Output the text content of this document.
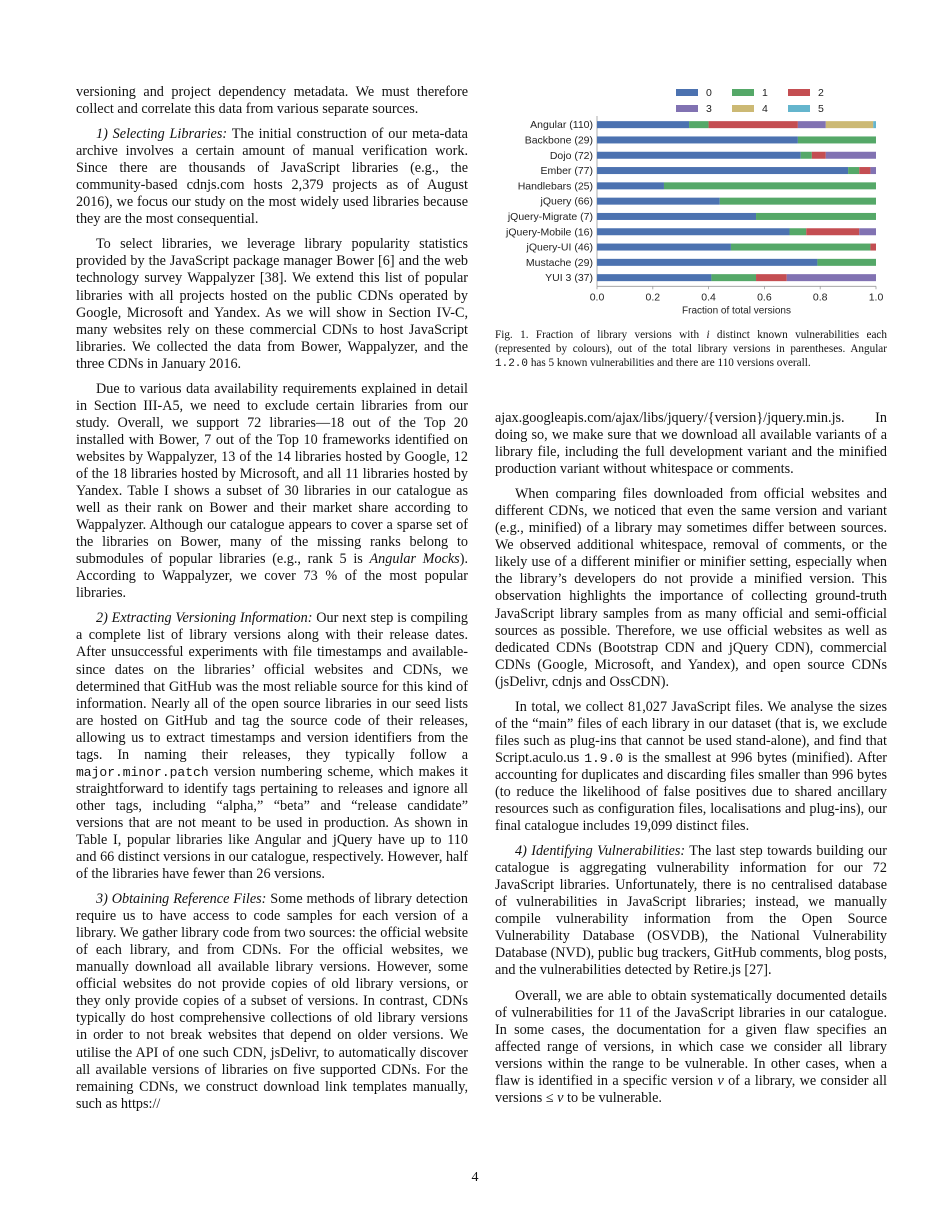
versioning and project dependency metadata. We must therefore collect and correlate this data from various separate sources.

1) Selecting Libraries: The initial construction of our meta-data archive involves a certain amount of manual verification work. Since there are thousands of JavaScript libraries (e.g., the community-based cdnjs.com hosts 2,379 projects as of August 2016), we focus our study on the most widely used libraries because they are the most consequential.

To select libraries, we leverage library popularity statistics provided by the JavaScript package manager Bower [6] and the web technology survey Wappalyzer [38]. We extend this list of popular libraries with all projects hosted on the public CDNs operated by Google, Microsoft and Yandex. As we will show in Section IV-C, many websites rely on these commercial CDNs to host JavaScript libraries. We collected the data from Bower, Wappalyzer, and the three CDNs in January 2016.

Due to various data availability requirements explained in detail in Section III-A5, we need to exclude certain libraries from our study. Overall, we support 72 libraries—18 out of the Top 20 installed with Bower, 7 out of the Top 10 frameworks identified on websites by Wappalyzer, 13 of the 14 libraries hosted by Google, 12 of the 18 libraries hosted by Microsoft, and all 11 libraries hosted by Yandex. Table I shows a subset of 30 libraries in our catalogue as well as their rank on Bower and their market share according to Wappalyzer. Although our catalogue appears to cover a sparse set of the libraries on Bower, many of the missing ranks belong to submodules of popular libraries (e.g., rank 5 is Angular Mocks). According to Wappalyzer, we cover 73 % of the most popular libraries.

2) Extracting Versioning Information: Our next step is compiling a complete list of library versions along with their release dates. After unsuccessful experiments with file timestamps and available-since dates on the libraries’ official websites and CDNs, we determined that GitHub was the most reliable source for this kind of information. Nearly all of the open source libraries in our seed lists are hosted on GitHub and tag the source code of their releases, allowing us to extract timestamps and version identifiers from the tags. In naming their releases, they typically follow a major.minor.patch version numbering scheme, which makes it straightforward to identify tags pertaining to releases and ignore all other tags, including “alpha,” “beta” and “release candidate” versions that are not meant to be used in production. As shown in Table I, popular libraries like Angular and jQuery have up to 110 and 66 distinct versions in our catalogue, respectively. However, half of the libraries have fewer than 26 versions.

3) Obtaining Reference Files: Some methods of library detection require us to have access to code samples for each version of a library. We gather library code from two sources: the official website of each library, and from CDNs. For the official websites, we manually download all available library versions. However, some official websites do not provide copies of old library versions, or they only provide copies of a subset of versions. In contrast, CDNs typically do host comprehensive collections of old library versions in order to not break websites that depend on older versions. We utilise the API of one such CDN, jsDelivr, to automatically discover all available versions of libraries on five supported CDNs. For the remaining CDNs, we construct download link templates manually, such as https://

0	1	2
3	4	5
Angular (110)
Backbone (29)
Dojo (72)
Ember (77)
Handlebars (25)
jQuery (66)
jQuery-Migrate (7)
jQuery-Mobile (16)
jQuery-UI (46)
Mustache (29)
YUI 3 (37)
0.0	0.2	0.4	0.6	0.8	1.0
Fraction of total versions
Fig. 1. Fraction of library versions with i distinct known vulnerabilities each (represented by colours), out of the total library versions in parentheses. Angular 1.2.0 has 5 known vulnerabilities and there are 110 versions overall.

ajax.googleapis.com/ajax/libs/jquery/{version}/jquery.min.js. In doing so, we make sure that we download all available variants of a library file, including the full development variant and the minified production variant without whitespace or comments.

When comparing files downloaded from official websites and different CDNs, we noticed that even the same version and variant (e.g., minified) of a library may sometimes differ between sources. We observed additional whitespace, removal of comments, or the likely use of a different minifier or minifier setting, especially when the library’s developers do not provide a minified version. This observation highlights the importance of collecting ground-truth JavaScript library samples from as many official and semi-official sources as possible. Therefore, we use official websites as well as dedicated CDNs (Bootstrap CDN and jQuery CDN), commercial CDNs (Google, Microsoft, and Yandex), and open source CDNs (jsDelivr, cdnjs and OssCDN).

In total, we collect 81,027 JavaScript files. We analyse the sizes of the “main” files of each library in our dataset (that is, we exclude files such as plug-ins that cannot be used stand-alone), and find that Script.aculo.us 1.9.0 is the smallest at 996 bytes (minified). After accounting for duplicates and discarding files smaller than 996 bytes (to reduce the likelihood of false positives due to shared ancillary resources such as configuration files, localisations and plug-ins), our final catalogue includes 19,099 distinct files.

4) Identifying Vulnerabilities: The last step towards building our catalogue is aggregating vulnerability information for our 72 JavaScript libraries. Unfortunately, there is no centralised database of vulnerabilities in JavaScript libraries; instead, we manually compile vulnerability information from the Open Source Vulnerability Database (OSVDB), the National Vulnerability Database (NVD), public bug trackers, GitHub comments, blog posts, and the vulnerabilities detected by Retire.js [27].

Overall, we are able to obtain systematically documented details of vulnerabilities for 11 of the JavaScript libraries in our catalogue. In some cases, the documentation for a given flaw specifies an affected range of versions, in which case we consider all library versions within the range to be vulnerable. In other cases, when a flaw is identified in a specific version v of a library, we consider all versions ≤ v to be vulnerable.

4
